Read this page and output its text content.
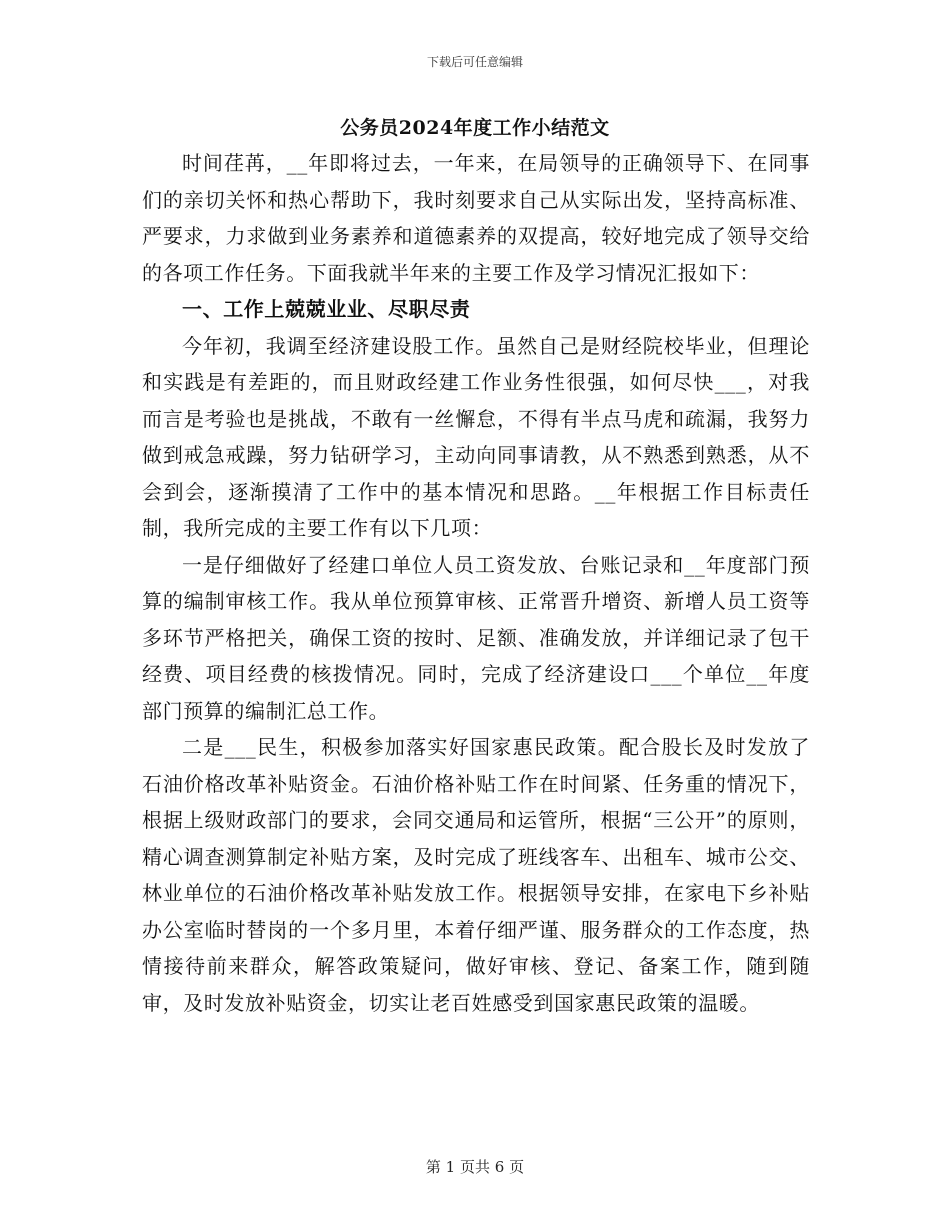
下载后可任意编辑
公务员2024年度工作小结范文

时间荏苒，__年即将过去，一年来，在局领导的正确领导下、在同事们的亲切关怀和热心帮助下，我时刻要求自己从实际出发，坚持高标准、严要求，力求做到业务素养和道德素养的双提高，较好地完成了领导交给的各项工作任务。下面我就半年来的主要工作及学习情况汇报如下：

一、工作上兢兢业业、尽职尽责

今年初，我调至经济建设股工作。虽然自己是财经院校毕业，但理论和实践是有差距的，而且财政经建工作业务性很强，如何尽快___，对我而言是考验也是挑战，不敢有一丝懈怠，不得有半点马虎和疏漏，我努力做到戒急戒躁，努力钻研学习，主动向同事请教，从不熟悉到熟悉，从不会到会，逐渐摸清了工作中的基本情况和思路。__年根据工作目标责任制，我所完成的主要工作有以下几项：

一是仔细做好了经建口单位人员工资发放、台账记录和__年度部门预算的编制审核工作。我从单位预算审核、正常晋升增资、新增人员工资等多环节严格把关，确保工资的按时、足额、准确发放，并详细记录了包干经费、项目经费的核拨情况。同时，完成了经济建设口___个单位__年度部门预算的编制汇总工作。

二是___民生，积极参加落实好国家惠民政策。配合股长及时发放了石油价格改革补贴资金。石油价格补贴工作在时间紧、任务重的情况下，根据上级财政部门的要求，会同交通局和运管所，根据“三公开”的原则，精心调查测算制定补贴方案，及时完成了班线客车、出租车、城市公交、林业单位的石油价格改革补贴发放工作。根据领导安排，在家电下乡补贴办公室临时替岗的一个多月里，本着仔细严谨、服务群众的工作态度，热情接待前来群众，解答政策疑问，做好审核、登记、备案工作，随到随审，及时发放补贴资金，切实让老百姓感受到国家惠民政策的温暖。

第 1 页共 6 页
